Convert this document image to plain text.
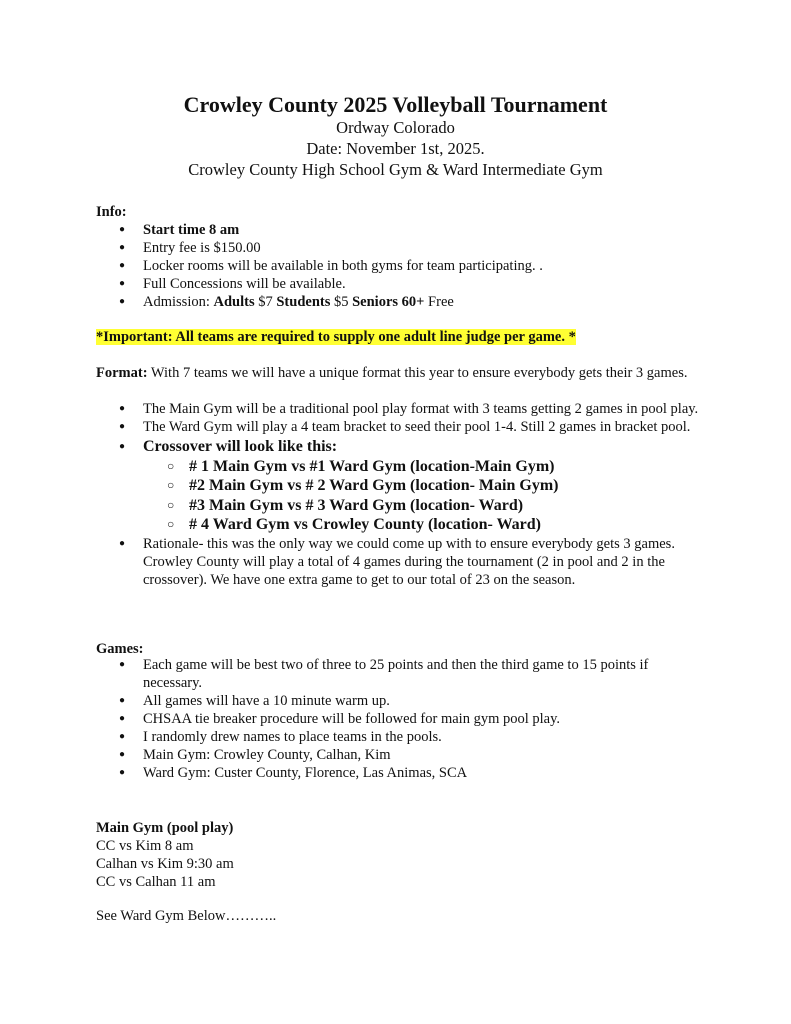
Crowley County 2025 Volleyball Tournament
Ordway Colorado
Date: November 1st, 2025.
Crowley County High School Gym & Ward Intermediate Gym
Info:
● Start time 8 am
● Entry fee is $150.00
● Locker rooms will be available in both gyms for team participating. .
● Full Concessions will be available.
● Admission: Adults $7 Students $5 Seniors 60+ Free
*Important: All teams are required to supply one adult line judge per game. *
Format: With 7 teams we will have a unique format this year to ensure everybody gets their 3 games.
● The Main Gym will be a traditional pool play format with 3 teams getting 2 games in pool play.
● The Ward Gym will play a 4 team bracket to seed their pool 1-4. Still 2 games in bracket pool.
● Crossover will look like this:
○ # 1 Main Gym vs #1 Ward Gym (location-Main Gym)
○ #2 Main Gym vs # 2 Ward Gym (location- Main Gym)
○ #3 Main Gym vs # 3 Ward Gym (location- Ward)
○ # 4 Ward Gym vs Crowley County (location- Ward)
● Rationale- this was the only way we could come up with to ensure everybody gets 3 games. Crowley County will play a total of 4 games during the tournament (2 in pool and 2 in the crossover). We have one extra game to get to our total of 23 on the season.
Games:
● Each game will be best two of three to 25 points and then the third game to 15 points if necessary.
● All games will have a 10 minute warm up.
● CHSAA tie breaker procedure will be followed for main gym pool play.
● I randomly drew names to place teams in the pools.
● Main Gym: Crowley County, Calhan, Kim
● Ward Gym: Custer County, Florence, Las Animas, SCA
Main Gym (pool play)
CC vs Kim 8 am
Calhan vs Kim 9:30 am
CC vs Calhan 11 am
See Ward Gym Below………..
